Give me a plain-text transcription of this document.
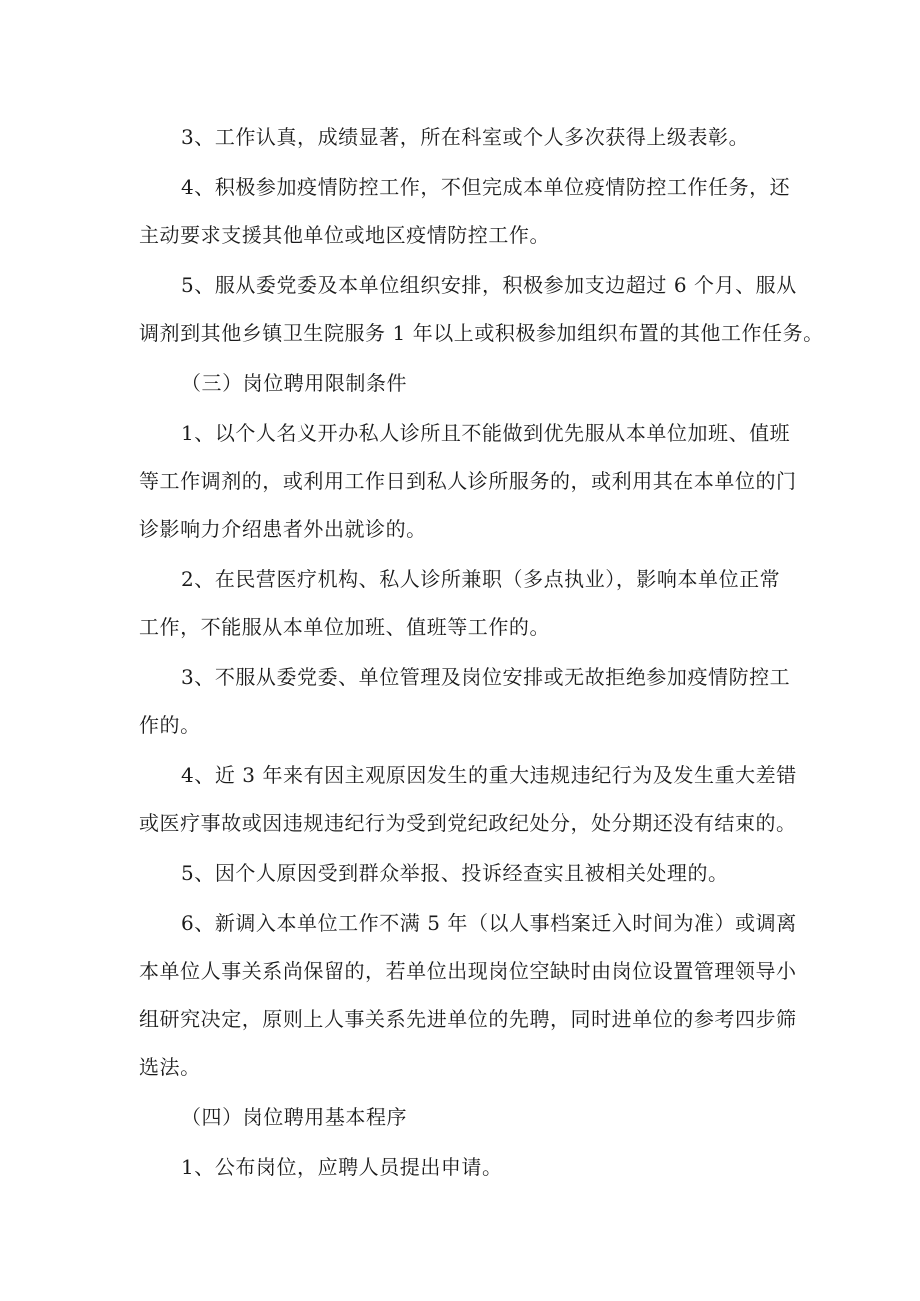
3、工作认真，成绩显著，所在科室或个人多次获得上级表彰。

4、积极参加疫情防控工作，不但完成本单位疫情防控工作任务，还

主动要求支援其他单位或地区疫情防控工作。

5、服从委党委及本单位组织安排，积极参加支边超过 6 个月、服从

调剂到其他乡镇卫生院服务 1 年以上或积极参加组织布置的其他工作任务。

（三）岗位聘用限制条件

1、以个人名义开办私人诊所且不能做到优先服从本单位加班、值班

等工作调剂的，或利用工作日到私人诊所服务的，或利用其在本单位的门

诊影响力介绍患者外出就诊的。

2、在民营医疗机构、私人诊所兼职（多点执业），影响本单位正常

工作，不能服从本单位加班、值班等工作的。

3、不服从委党委、单位管理及岗位安排或无故拒绝参加疫情防控工

作的。

4、近 3 年来有因主观原因发生的重大违规违纪行为及发生重大差错

或医疗事故或因违规违纪行为受到党纪政纪处分，处分期还没有结束的。

5、因个人原因受到群众举报、投诉经查实且被相关处理的。

6、新调入本单位工作不满 5 年（以人事档案迁入时间为准）或调离

本单位人事关系尚保留的，若单位出现岗位空缺时由岗位设置管理领导小

组研究决定，原则上人事关系先进单位的先聘，同时进单位的参考四步筛

选法。

（四）岗位聘用基本程序

1、公布岗位，应聘人员提出申请。
